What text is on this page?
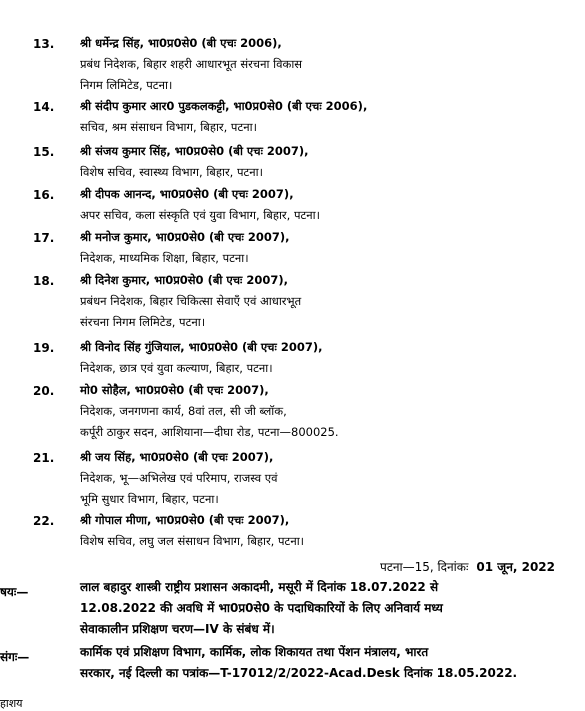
13. श्री धर्मेन्द्र सिंह, भा0प्र0से0 (बी एचः 2006),
प्रबंध निदेशक, बिहार शहरी आधारभूत संरचना विकास
निगम लिमिटेड, पटना।
14. श्री संदीप कुमार आर0 पुडकलकट्टी, भा0प्र0से0 (बी एचः 2006),
सचिव, श्रम संसाधन विभाग, बिहार, पटना।
15. श्री संजय कुमार सिंह, भा0प्र0से0 (बी एचः 2007),
विशेष सचिव, स्वास्थ्य विभाग, बिहार, पटना।
16. श्री दीपक आनन्द, भा0प्र0से0 (बी एचः 2007),
अपर सचिव, कला संस्कृति एवं युवा विभाग, बिहार, पटना।
17. श्री मनोज कुमार, भा0प्र0से0 (बी एचः 2007),
निदेशक, माध्यमिक शिक्षा, बिहार, पटना।
18. श्री दिनेश कुमार, भा0प्र0से0 (बी एचः 2007),
प्रबंधन निदेशक, बिहार चिकित्सा सेवाएँ एवं आधारभूत
संरचना निगम लिमिटेड, पटना।
19. श्री विनोद सिंह गुंजियाल, भा0प्र0से0 (बी एचः 2007),
निदेशक, छात्र एवं युवा कल्याण, बिहार, पटना।
20. मो0 सोहैल, भा0प्र0से0 (बी एचः 2007),
निदेशक, जनगणना कार्य, 8वां तल, सी जी ब्लॉक,
कर्पूरी ठाकुर सदन, आशियाना—दीघा रोड, पटना—800025.
21. श्री जय सिंह, भा0प्र0से0 (बी एचः 2007),
निदेशक, भू—अभिलेख एवं परिमाप, राजस्व एवं
भूमि सुधार विभाग, बिहार, पटना।
22. श्री गोपाल मीणा, भा0प्र0से0 (बी एचः 2007),
विशेष सचिव, लघु जल संसाधन विभाग, बिहार, पटना।
पटना—15, दिनांकः 01 जून, 2022
षयः—	लाल बहादुर शास्त्री राष्ट्रीय प्रशासन अकादमी, मसूरी में दिनांक 18.07.2022 से
12.08.2022 की अवधि में भा0प्र0से0 के पदाधिकारियों के लिए अनिवार्य मध्य
सेवाकालीन प्रशिक्षण चरण—IV के संबंध में।
संगः—	कार्मिक एवं प्रशिक्षण विभाग, कार्मिक, लोक शिकायत तथा पेंशन मंत्रालय, भारत
सरकार, नई दिल्ली का पत्रांक—T-17012/2/2022-Acad.Desk दिनांक 18.05.2022.
हाशय
